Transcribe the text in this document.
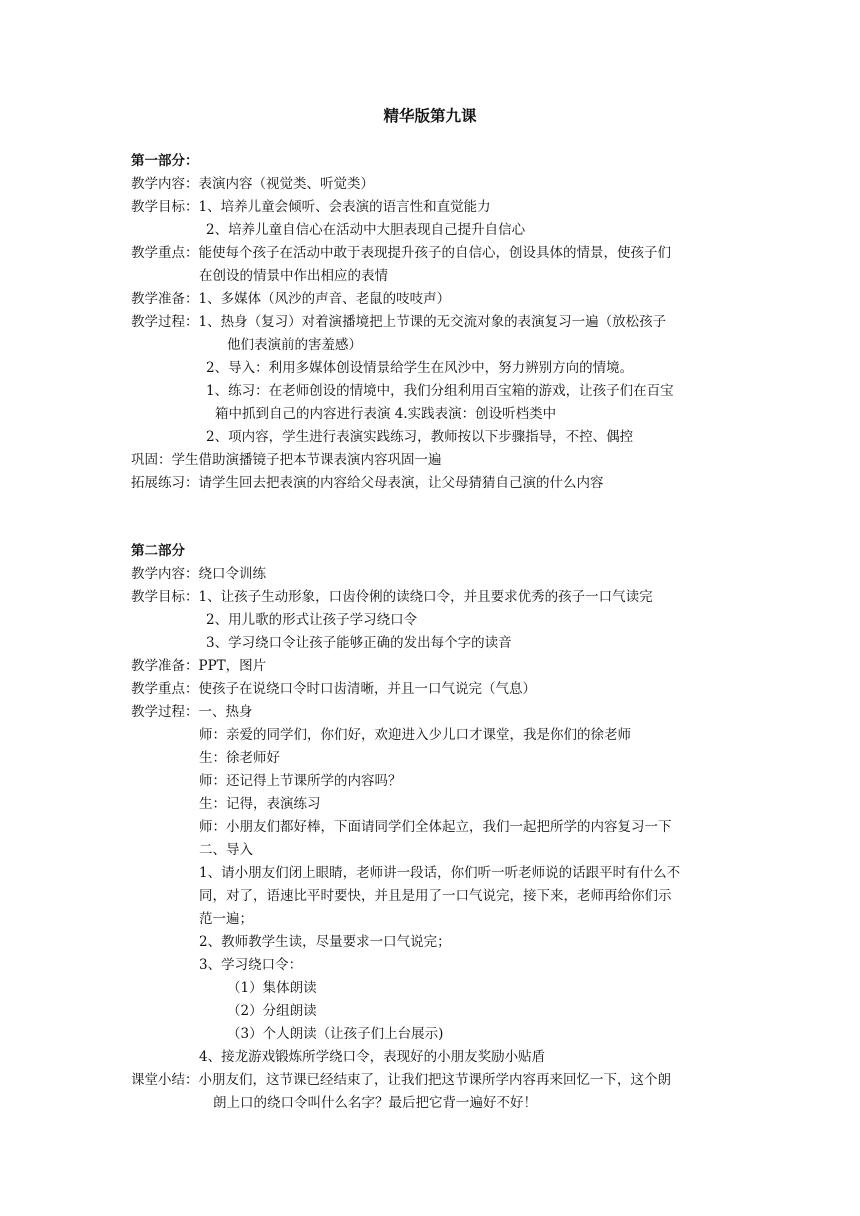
精华版第九课
第一部分：
教学内容：表演内容（视觉类、听觉类）
教学目标：1、培养儿童会倾听、会表演的语言性和直觉能力
2、培养儿童自信心在活动中大胆表现自己提升自信心
教学重点：能使每个孩子在活动中敢于表现提升孩子的自信心，创设具体的情景，使孩子们
在创设的情景中作出相应的表情
教学准备：1、多媒体（风沙的声音、老鼠的吱吱声）
教学过程：1、热身（复习）对着演播境把上节课的无交流对象的表演复习一遍（放松孩子
他们表演前的害羞感）
2、导入：利用多媒体创设情景给学生在风沙中，努力辨别方向的情境。
1、练习：在老师创设的情境中，我们分组利用百宝箱的游戏，让孩子们在百宝
箱中抓到自己的内容进行表演 4.实践表演：创设听档类中
2、项内容，学生进行表演实践练习，教师按以下步骤指导，不控、偶控
巩固：学生借助演播镜子把本节课表演内容巩固一遍
拓展练习：请学生回去把表演的内容给父母表演，让父母猜猜自己演的什么内容
第二部分
教学内容：绕口令训练
教学目标：1、让孩子生动形象，口齿伶俐的读绕口令，并且要求优秀的孩子一口气读完
2、用儿歌的形式让孩子学习绕口令
3、学习绕口令让孩子能够正确的发出每个字的读音
教学准备：PPT，图片
教学重点：使孩子在说绕口令时口齿清晰，并且一口气说完（气息）
教学过程：一、热身
师：亲爱的同学们，你们好，欢迎进入少儿口才课堂，我是你们的徐老师
生：徐老师好
师：还记得上节课所学的内容吗？
生：记得，表演练习
师：小朋友们都好棒，下面请同学们全体起立，我们一起把所学的内容复习一下
二、导入
1、请小朋友们闭上眼睛，老师讲一段话，你们听一听老师说的话跟平时有什么不
同，对了，语速比平时要快，并且是用了一口气说完，接下来，老师再给你们示
范一遍；
2、教师教学生读，尽量要求一口气说完；
3、学习绕口令：
（1）集体朗读
（2）分组朗读
（3）个人朗读（让孩子们上台展示)
4、接龙游戏锻炼所学绕口令，表现好的小朋友奖励小贴盾
课堂小结：小朋友们，这节课已经结束了，让我们把这节课所学内容再来回忆一下，这个朗
朗上口的绕口令叫什么名字？最后把它背一遍好不好！
